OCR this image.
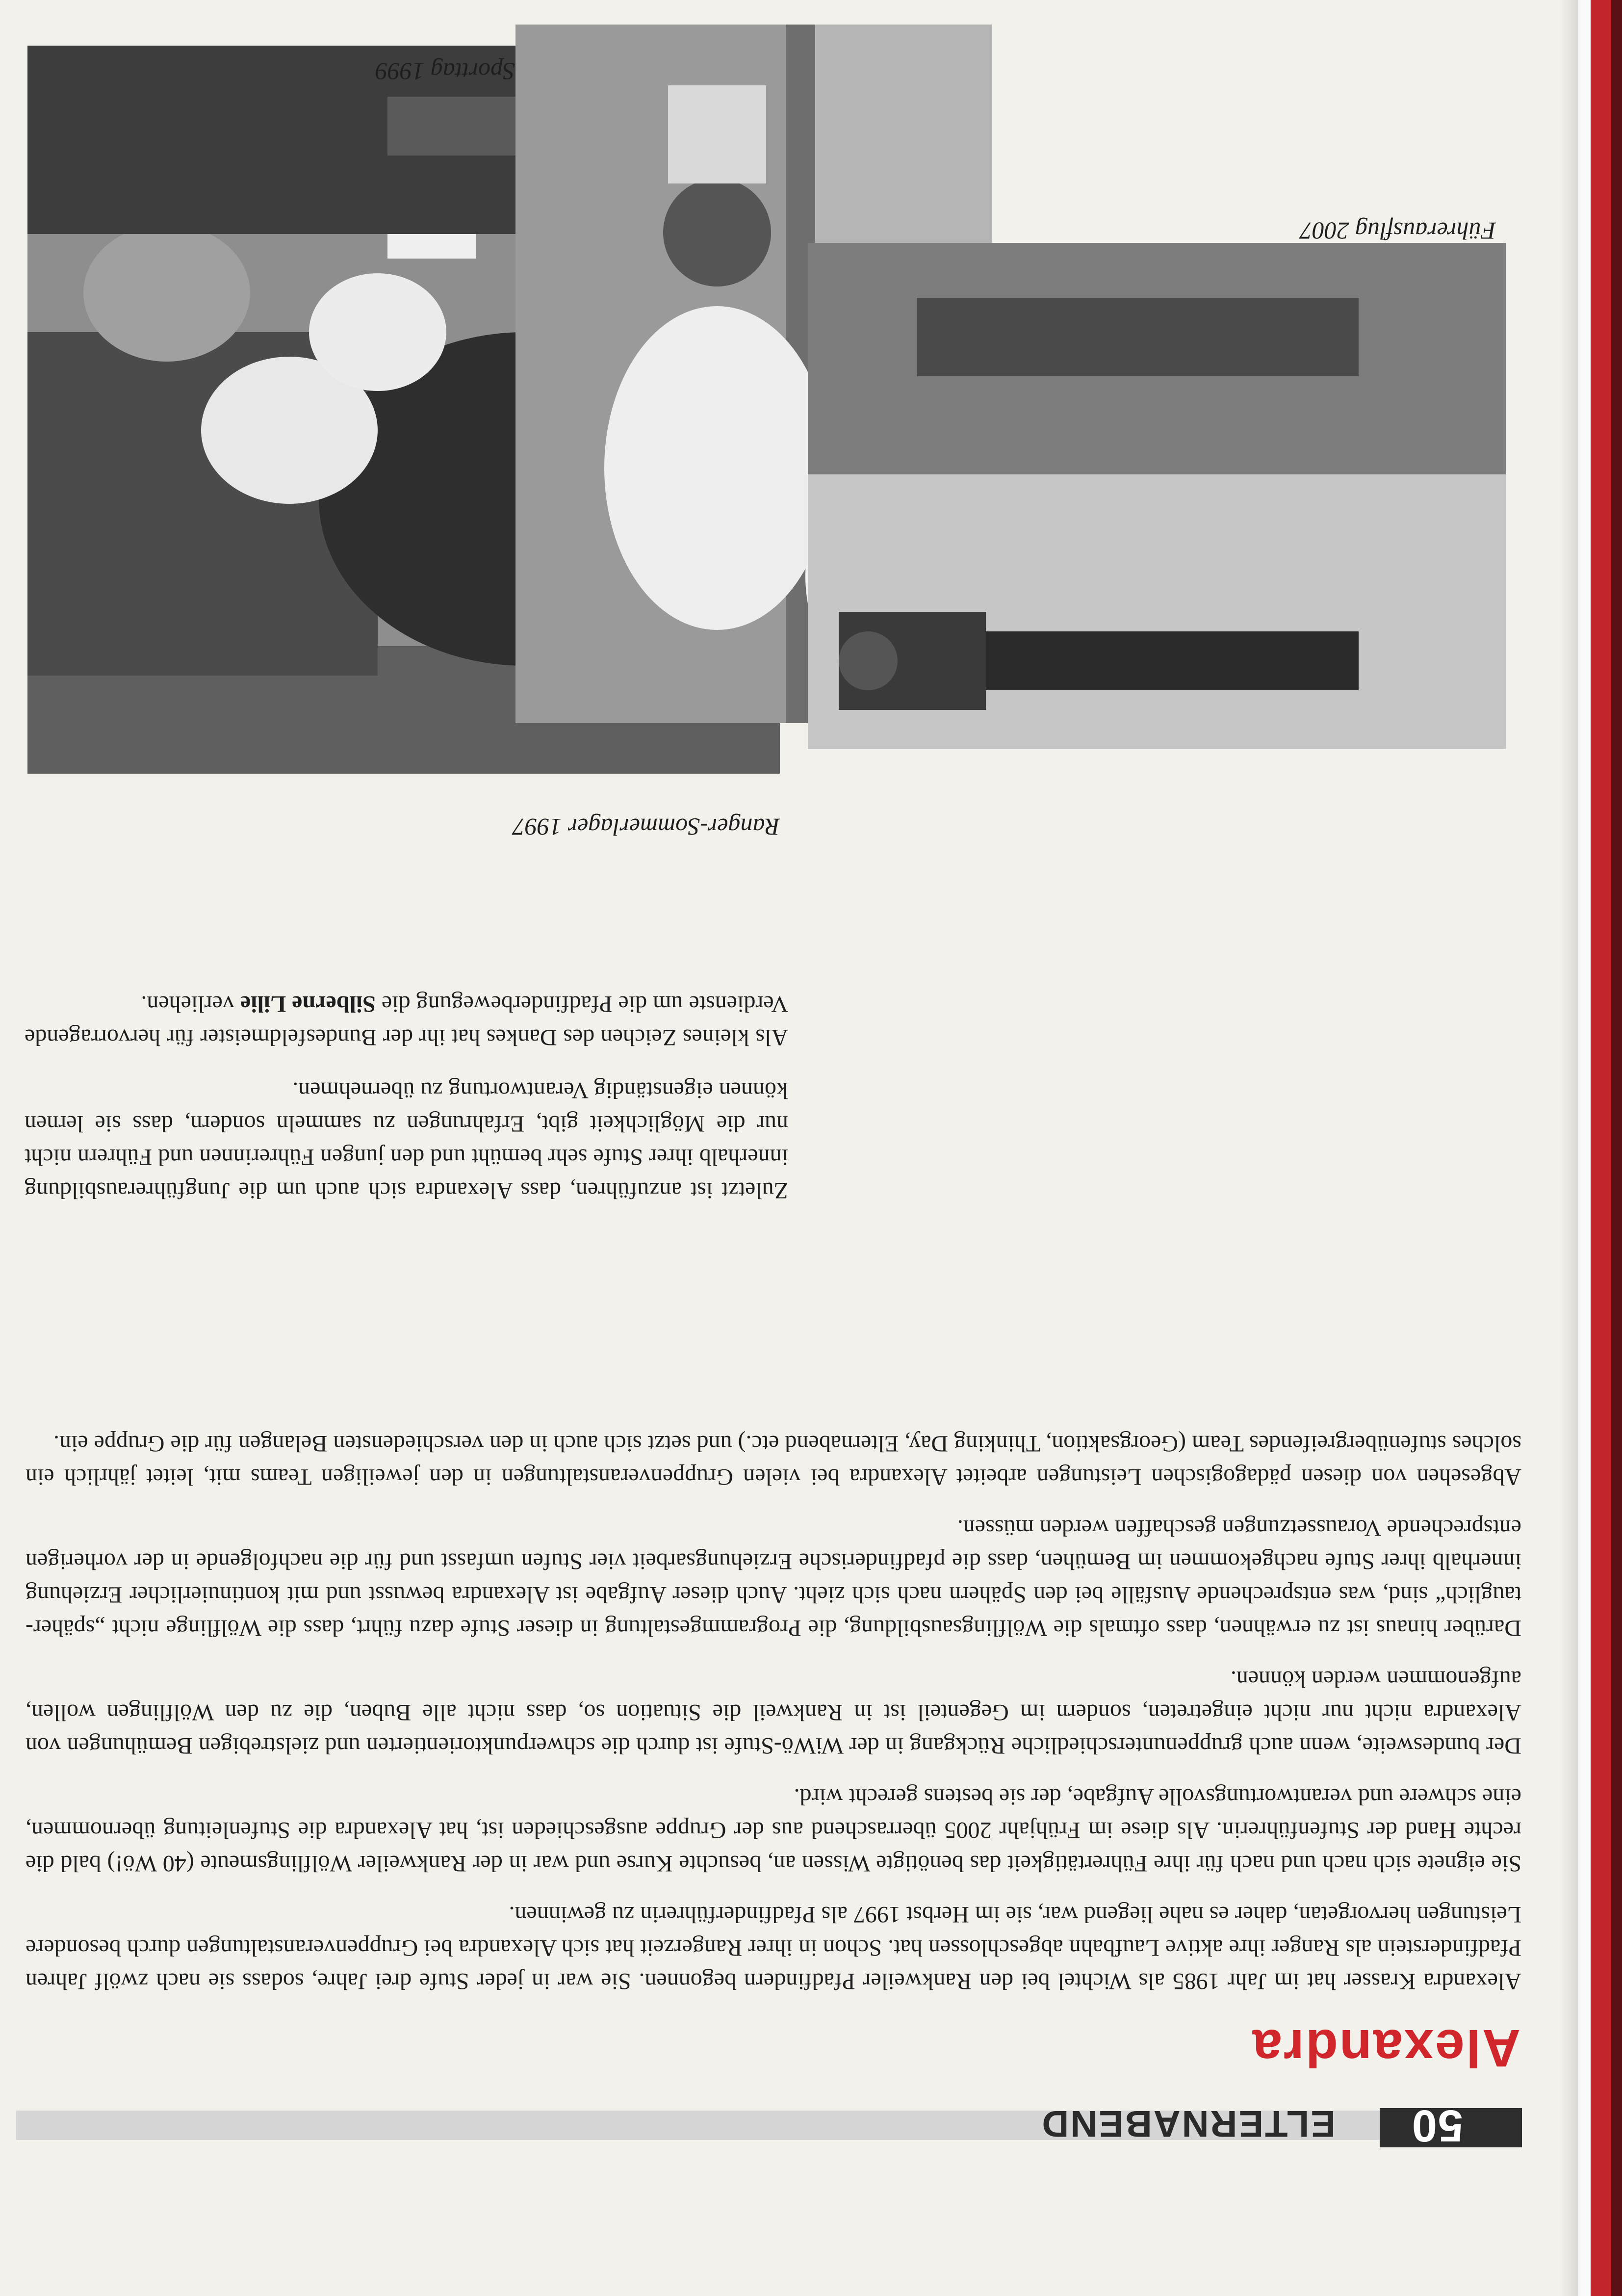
50
ELTERNABEND
Alexandra

Alexandra Krasser hat im Jahr 1985 als Wichtel bei den Rankweiler Pfadfindern begonnen. Sie war in jeder Stufe drei Jahre, sodass sie nach zwölf Jahren Pfadfinderstein als Ranger ihre aktive Laufbahn abgeschlossen hat. Schon in ihrer Rangerzeit hat sich Alexandra bei Gruppenveranstaltungen durch besondere Leistungen hervorgetan, daher es nahe liegend war, sie im Herbst 1997 als Pfadfinderführerin zu gewinnen.

Sie eignete sich nach und nach für ihre Führertätigkeit das benötigte Wissen an, besuchte Kurse und war in der Rankweiler Wölflingsmeute (40 Wö!) bald die rechte Hand der Stufenführerin. Als diese im Frühjahr 2005 überraschend aus der Gruppe ausgeschieden ist, hat Alexandra die Stufenleitung übernommen, eine schwere und verantwortungsvolle Aufgabe, der sie bestens gerecht wird.

Der bundesweite, wenn auch gruppenunterschiedliche Rückgang in der WiWö-Stufe ist durch die schwerpunktorientierten und zielstrebigen Bemühungen von Alexandra nicht nur nicht eingetreten, sondern im Gegenteil ist in Rankweil die Situation so, dass nicht alle Buben, die zu den Wölflingen wollen, aufgenommen werden können.

Darüber hinaus ist zu erwähnen, dass oftmals die Wölflingsausbildung, die Programmgestaltung in dieser Stufe dazu führt, dass die Wölflinge nicht „spähertauglich“ sind, was entsprechende Ausfälle bei den Spähern nach sich zieht. Auch dieser Aufgabe ist Alexandra bewusst und mit kontinuierlicher Erziehung innerhalb ihrer Stufe nachgekommen im Bemühen, dass die pfadfinderische Erziehungsarbeit vier Stufen umfasst und für die nachfolgende in der vorherigen entsprechende Voraussetzungen geschaffen werden müssen.

Abgesehen von diesen pädagogischen Leistungen arbeitet Alexandra bei vielen Gruppenveranstaltungen in den jeweiligen Teams mit, leitet jährlich ein solches stufenübergreifendes Team (Georgsaktion, Thinking Day, Elternabend etc.) und setzt sich auch in den verschiedensten Belangen für die Gruppe ein.

Zuletzt ist anzuführen, dass Alexandra sich auch um die Jungführerausbildung innerhalb ihrer Stufe sehr bemüht und den jungen Führerinnen und Führern nicht nur die Möglichkeit gibt, Erfahrungen zu sammeln sondern, dass sie lernen können eigenständig Verantwortung zu übernehmen.

Als kleines Zeichen des Dankes hat ihr der Bundesfeldmeister für hervorragende Verdienste um die Pfadfinderbewegung die Silberne Lilie verliehen.

Ranger-Sommerlager 1997

Sporttag 1999

Führerausflug 2007
